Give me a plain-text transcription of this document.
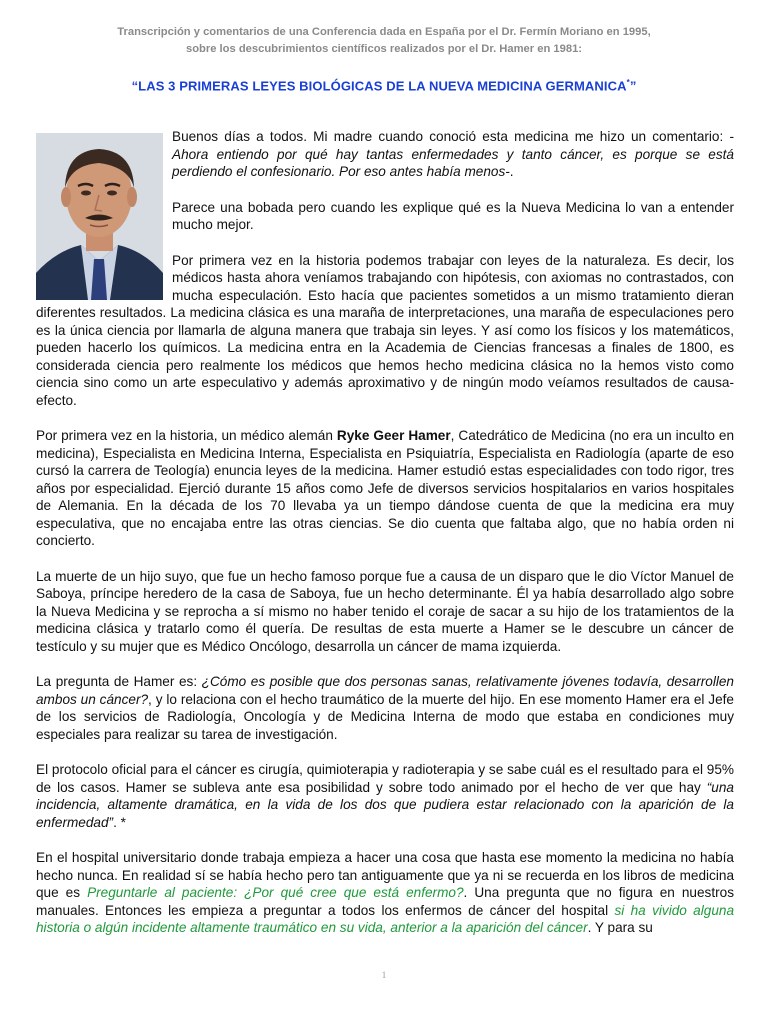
Transcripción y comentarios de una Conferencia dada en España por el Dr. Fermín Moriano en 1995,
sobre los descubrimientos científicos realizados por el Dr. Hamer en 1981:
“LAS 3 PRIMERAS LEYES BIOLÓGICAS DE LA NUEVA MEDICINA GERMANICA*”

Buenos días a todos. Mi madre cuando conoció esta medicina me hizo un comentario: -Ahora entiendo por qué hay tantas enfermedades y tanto cáncer, es porque se está perdiendo el confesionario. Por eso antes había menos-.

Parece una bobada pero cuando les explique qué es la Nueva Medicina lo van a entender mucho mejor.

Por primera vez en la historia podemos trabajar con leyes de la naturaleza. Es decir, los médicos hasta ahora veníamos trabajando con hipótesis, con axiomas no contrastados, con mucha especulación. Esto hacía que pacientes sometidos a un mismo tratamiento dieran diferentes resultados. La medicina clásica es una maraña de interpretaciones, una maraña de especulaciones pero es la única ciencia por llamarla de alguna manera que trabaja sin leyes. Y así como los físicos y los matemáticos, pueden hacerlo los químicos. La medicina entra en la Academia de Ciencias francesas a finales de 1800, es considerada ciencia pero realmente los médicos que hemos hecho medicina clásica no la hemos visto como ciencia sino como un arte especulativo y además aproximativo y de ningún modo veíamos resultados de causa-efecto.

Por primera vez en la historia, un médico alemán Ryke Geer Hamer, Catedrático de Medicina (no era un inculto en medicina), Especialista en Medicina Interna, Especialista en Psiquiatría, Especialista en Radiología (aparte de eso cursó la carrera de Teología) enuncia leyes de la medicina. Hamer estudió estas especialidades con todo rigor, tres años por especialidad. Ejerció durante 15 años como Jefe de diversos servicios hospitalarios en varios hospitales de Alemania. En la década de los 70 llevaba ya un tiempo dándose cuenta de que la medicina era muy especulativa, que no encajaba entre las otras ciencias. Se dio cuenta que faltaba algo, que no había orden ni concierto.

La muerte de un hijo suyo, que fue un hecho famoso porque fue a causa de un disparo que le dio Víctor Manuel de Saboya, príncipe heredero de la casa de Saboya, fue un hecho determinante. Él ya había desarrollado algo sobre la Nueva Medicina y se reprocha a sí mismo no haber tenido el coraje de sacar a su hijo de los tratamientos de la medicina clásica y tratarlo como él quería. De resultas de esta muerte a Hamer se le descubre un cáncer de testículo y su mujer que es Médico Oncólogo, desarrolla un cáncer de mama izquierda.

La pregunta de Hamer es: ¿Cómo es posible que dos personas sanas, relativamente jóvenes todavía, desarrollen ambos un cáncer?, y lo relaciona con el hecho traumático de la muerte del hijo. En ese momento Hamer era el Jefe de los servicios de Radiología, Oncología y de Medicina Interna de modo que estaba en condiciones muy especiales para realizar su tarea de investigación.

El protocolo oficial para el cáncer es cirugía, quimioterapia y radioterapia y se sabe cuál es el resultado para el 95% de los casos. Hamer se subleva ante esa posibilidad y sobre todo animado por el hecho de ver que hay “una incidencia, altamente dramática, en la vida de los dos que pudiera estar relacionado con la aparición de la enfermedad”. *

En el hospital universitario donde trabaja empieza a hacer una cosa que hasta ese momento la medicina no había hecho nunca. En realidad sí se había hecho pero tan antiguamente que ya ni se recuerda en los libros de medicina que es Preguntarle al paciente: ¿Por qué cree que está enfermo?. Una pregunta que no figura en nuestros manuales. Entonces les empieza a preguntar a todos los enfermos de cáncer del hospital si ha vivido alguna historia o algún incidente altamente traumático en su vida, anterior a la aparición del cáncer. Y para su

1
